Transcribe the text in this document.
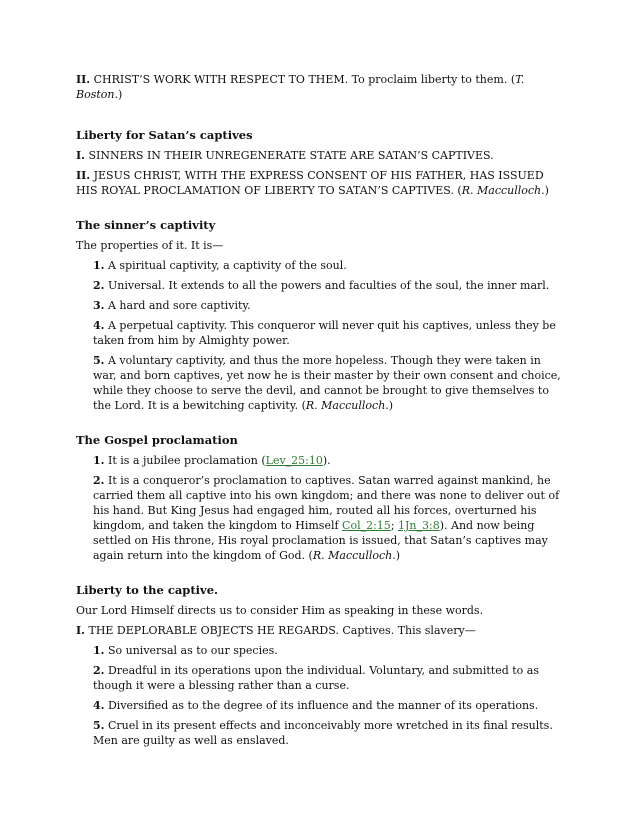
II. CHRIST’S WORK WITH RESPECT TO THEM. To proclaim liberty to them. (T. Boston.)

Liberty for Satan’s captives

I. SINNERS IN THEIR UNREGENERATE STATE ARE SATAN’S CAPTIVES.

II. JESUS CHRIST, WITH THE EXPRESS CONSENT OF HIS FATHER, HAS ISSUED HIS ROYAL PROCLAMATION OF LIBERTY TO SATAN’S CAPTIVES. (R. Macculloch.)

The sinner’s captivity

The properties of it. It is—

1. A spiritual captivity, a captivity of the soul.

2. Universal. It extends to all the powers and faculties of the soul, the inner marl.

3. A hard and sore captivity.

4. A perpetual captivity. This conqueror will never quit his captives, unless they be taken from him by Almighty power.

5. A voluntary captivity, and thus the more hopeless. Though they were taken in war, and born captives, yet now he is their master by their own consent and choice, while they choose to serve the devil, and cannot be brought to give themselves to the Lord. It is a bewitching captivity. (R. Macculloch.)

The Gospel proclamation

1. It is a jubilee proclamation (Lev_25:10).

2. It is a conqueror’s proclamation to captives. Satan warred against mankind, he carried them all captive into his own kingdom; and there was none to deliver out of his hand. But King Jesus had engaged him, routed all his forces, overturned his kingdom, and taken the kingdom to Himself Col_2:15; 1Jn_3:8). And now being settled on His throne, His royal proclamation is issued, that Satan’s captives may again return into the kingdom of God. (R. Macculloch.)

Liberty to the captive.

Our Lord Himself directs us to consider Him as speaking in these words.

I. THE DEPLORABLE OBJECTS HE REGARDS. Captives. This slavery—

1. So universal as to our species.

2. Dreadful in its operations upon the individual. Voluntary, and submitted to as though it were a blessing rather than a curse.

4. Diversified as to the degree of its influence and the manner of its operations.

5. Cruel in its present effects and inconceivably more wretched in its final results. Men are guilty as well as enslaved.
